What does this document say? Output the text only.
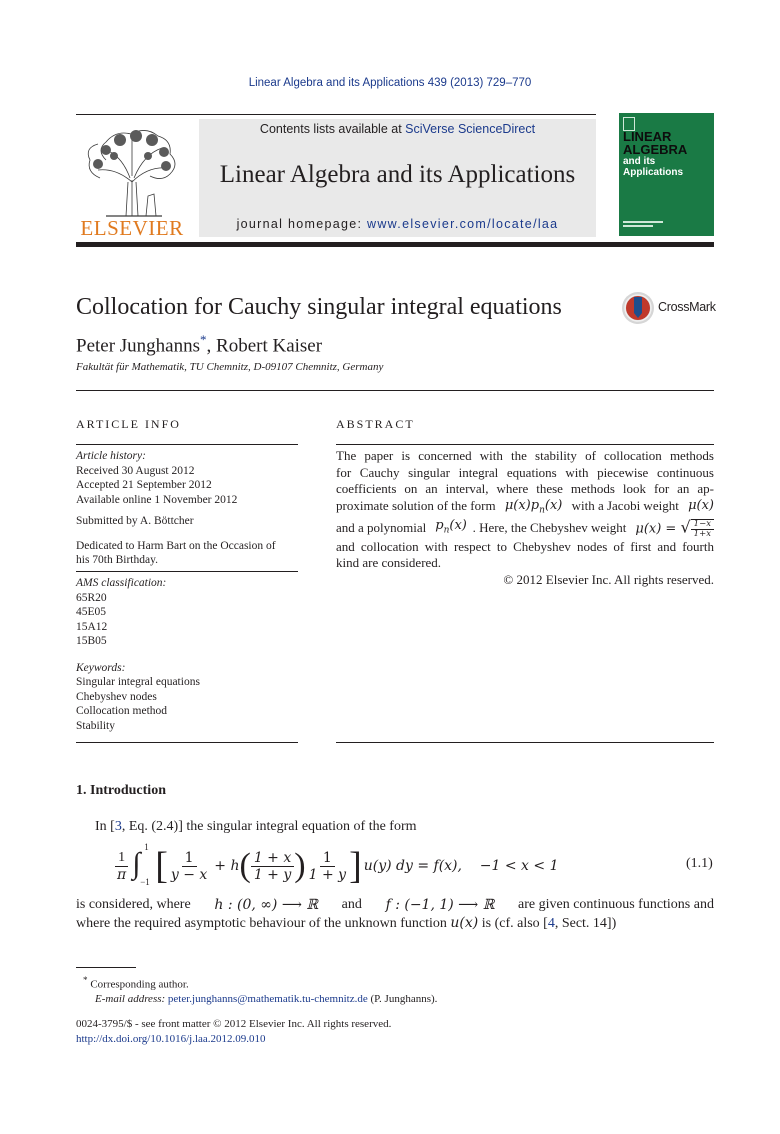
Linear Algebra and its Applications 439 (2013) 729–770
ELSEVIER
Contents lists available at SciVerse ScienceDirect
Linear Algebra and its Applications
journal homepage: www.elsevier.com/locate/laa
LINEAR
ALGEBRA
and its
Applications
Collocation for Cauchy singular integral equations	CrossMark
Peter Junghanns*, Robert Kaiser
Fakultät für Mathematik, TU Chemnitz, D-09107 Chemnitz, Germany
ARTICLE INFO
Article history:
Received 30 August 2012
Accepted 21 September 2012
Available online 1 November 2012
Submitted by A. Böttcher
Dedicated to Harm Bart on the Occasion of
his 70th Birthday.
AMS classification:
65R20
45E05
15A12
15B05
Keywords:
Singular integral equations
Chebyshev nodes
Collocation method
Stability
ABSTRACT
The paper is concerned with the stability of collocation methods
for Cauchy singular integral equations with piecewise continuous
coefficients on an interval, where these methods look for an ap-
proximate solution of the form $\mu(x)p_n(x)$ with a Jacobi weight μ(x)
and a polynomial $p_n(x)$ . Here, the Chebyshev weight μ(x) = √ $\frac{1-x}{1+x}$
and collocation with respect to Chebyshev nodes of first and fourth
kind are considered.
© 2012 Elsevier Inc. All rights reserved.
1. Introduction
In [3, Eq. (2.4)] the singular integral equation of the form
$\frac{1}{\pi}$

∫

1

−1

[ $\frac{1}{y - x} + h$ ( $\frac{1 + x}{1 + y}$ ) $\frac{1}{1 + y}$ ] u(y) dy = f(x),    −1 < x < 1	(1.1)
is considered, where h : (0, ∞) ⟶ ℝ and f : (−1, 1) ⟶ ℝ are given continuous functions and
where the required asymptotic behaviour of the unknown function u(x) is (cf. also [4, Sect. 14])
* Corresponding author.
E-mail address: peter.junghanns@mathematik.tu-chemnitz.de (P. Junghanns).
0024-3795/$ - see front matter © 2012 Elsevier Inc. All rights reserved.
http://dx.doi.org/10.1016/j.laa.2012.09.010
